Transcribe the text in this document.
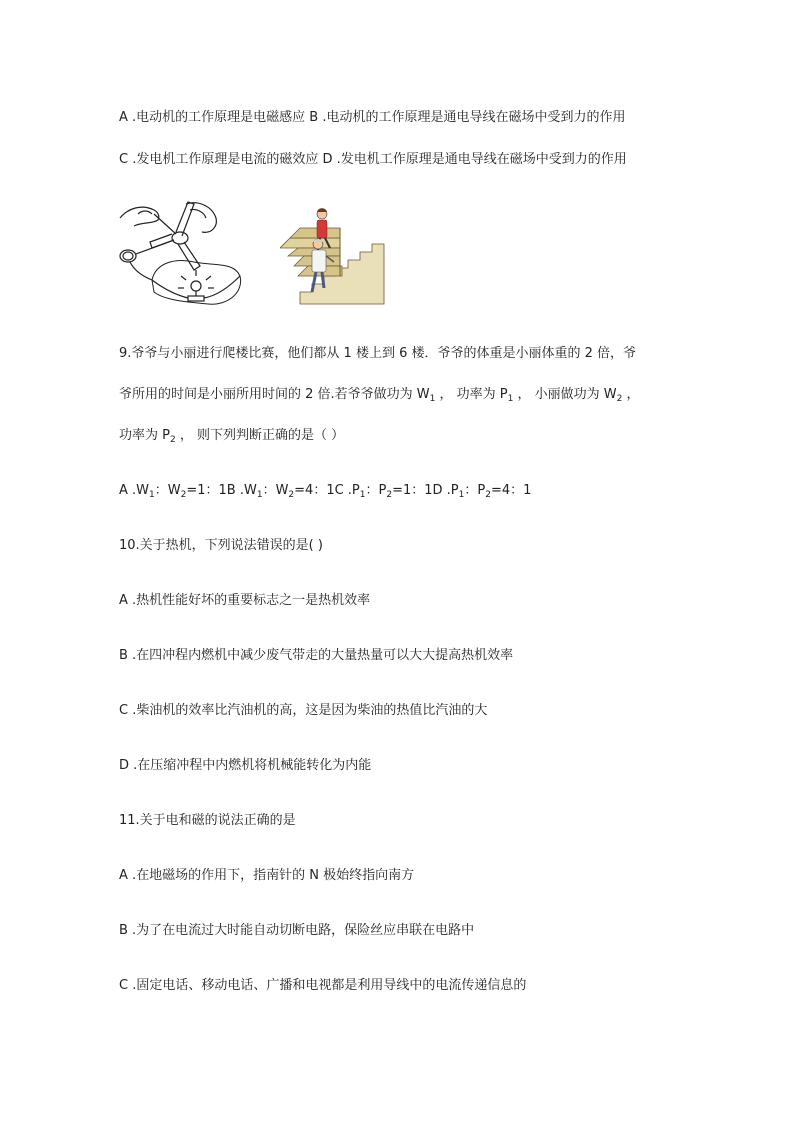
A .电动机的工作原理是电磁感应 B .电动机的工作原理是通电导线在磁场中受到力的作用
C .发电机工作原理是电流的磁效应 D .发电机工作原理是通电导线在磁场中受到力的作用
9.爷爷与小丽进行爬楼比赛，他们都从 1 楼上到 6 楼．爷爷的体重是小丽体重的 2 倍，爷
爷所用的时间是小丽所用时间的 2 倍.若爷爷做功为 $W_1$ ， 功率为 $P_1$ ， 小丽做功为 $W_2$ ，
功率为 $P_2$ ， 则下列判断正确的是（ ）
A $.W_1$：$W_2=1$：1B $.W_1$：$W_2=4$：1C $.P_1$：$P_2=1$：1D $.P_1$：$P_2=4$：1
10.关于热机，下列说法错误的是( )
A .热机性能好坏的重要标志之一是热机效率
B .在四冲程内燃机中减少废气带走的大量热量可以大大提高热机效率
C .柴油机的效率比汽油机的高，这是因为柴油的热值比汽油的大
D .在压缩冲程中内燃机将机械能转化为内能
11.关于电和磁的说法正确的是
A .在地磁场的作用下，指南针的 N 极始终指向南方
B .为了在电流过大时能自动切断电路，保险丝应串联在电路中
C .固定电话、移动电话、广播和电视都是利用导线中的电流传递信息的
